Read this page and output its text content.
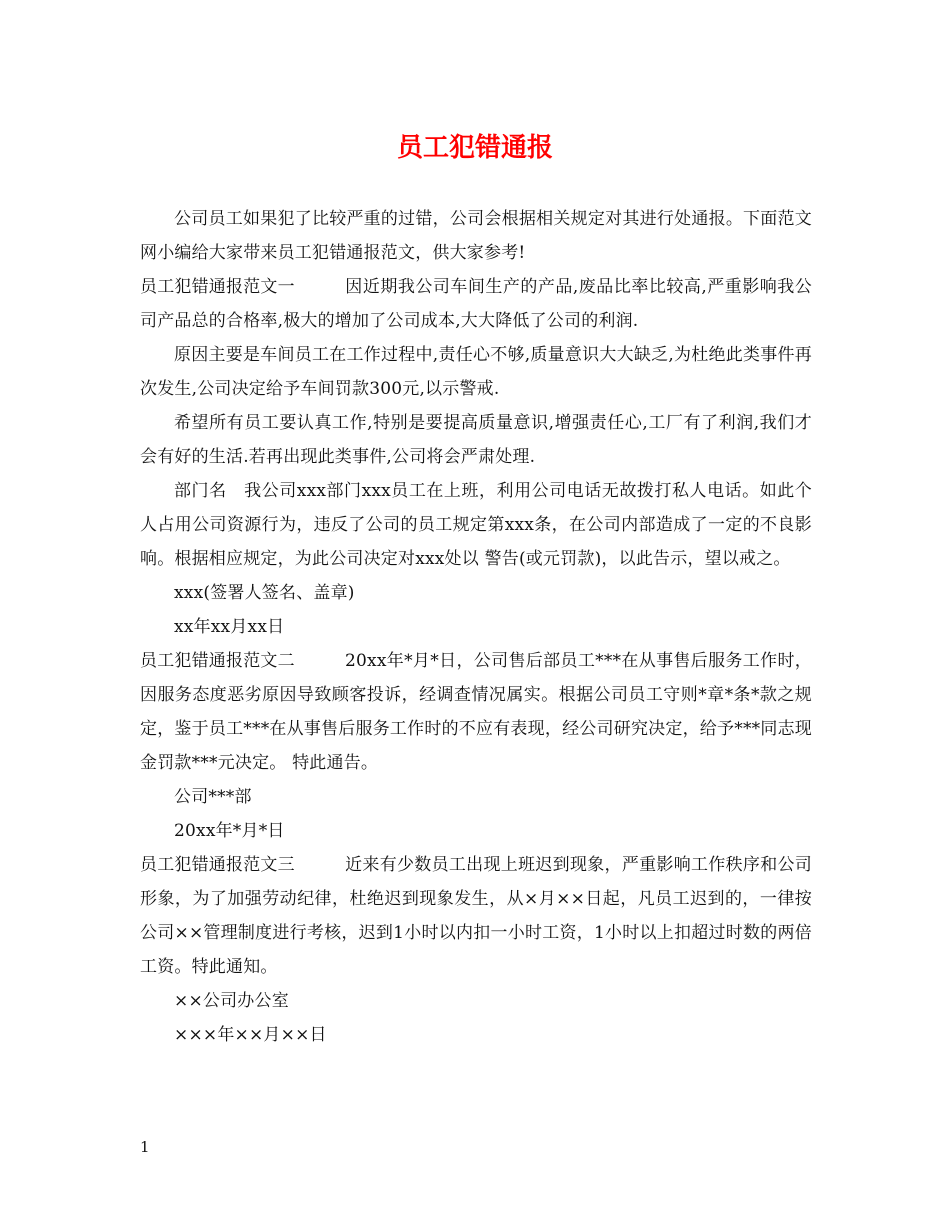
员工犯错通报

公司员工如果犯了比较严重的过错，公司会根据相关规定对其进行处通报。下面范文网小编给大家带来员工犯错通报范文，供大家参考!

员工犯错通报范文一	因近期我公司车间生产的产品,废品比率比较高,严重影响我公司产品总的合格率,极大的增加了公司成本,大大降低了公司的利润.

原因主要是车间员工在工作过程中,责任心不够,质量意识大大缺乏,为杜绝此类事件再次发生,公司决定给予车间罚款300元,以示警戒.

希望所有员工要认真工作,特别是要提高质量意识,增强责任心,工厂有了利润,我们才会有好的生活.若再出现此类事件,公司将会严肃处理.

部门名　我公司xxx部门xxx员工在上班，利用公司电话无故拨打私人电话。如此个人占用公司资源行为，违反了公司的员工规定第xxx条，在公司内部造成了一定的不良影响。根据相应规定，为此公司决定对xxx处以 警告(或元罚款)，以此告示，望以戒之。

xxx(签署人签名、盖章)

xx年xx月xx日

员工犯错通报范文二	20xx年*月*日，公司售后部员工***在从事售后服务工作时，因服务态度恶劣原因导致顾客投诉，经调查情况属实。根据公司员工守则*章*条*款之规定，鉴于员工***在从事售后服务工作时的不应有表现，经公司研究决定，给予***同志现金罚款***元决定。 特此通告。

公司***部

20xx年*月*日

员工犯错通报范文三	近来有少数员工出现上班迟到现象，严重影响工作秩序和公司形象，为了加强劳动纪律，杜绝迟到现象发生，从×月××日起，凡员工迟到的，一律按公司××管理制度进行考核，迟到1小时以内扣一小时工资，1小时以上扣超过时数的两倍工资。特此通知。

××公司办公室

×××年××月××日

1
